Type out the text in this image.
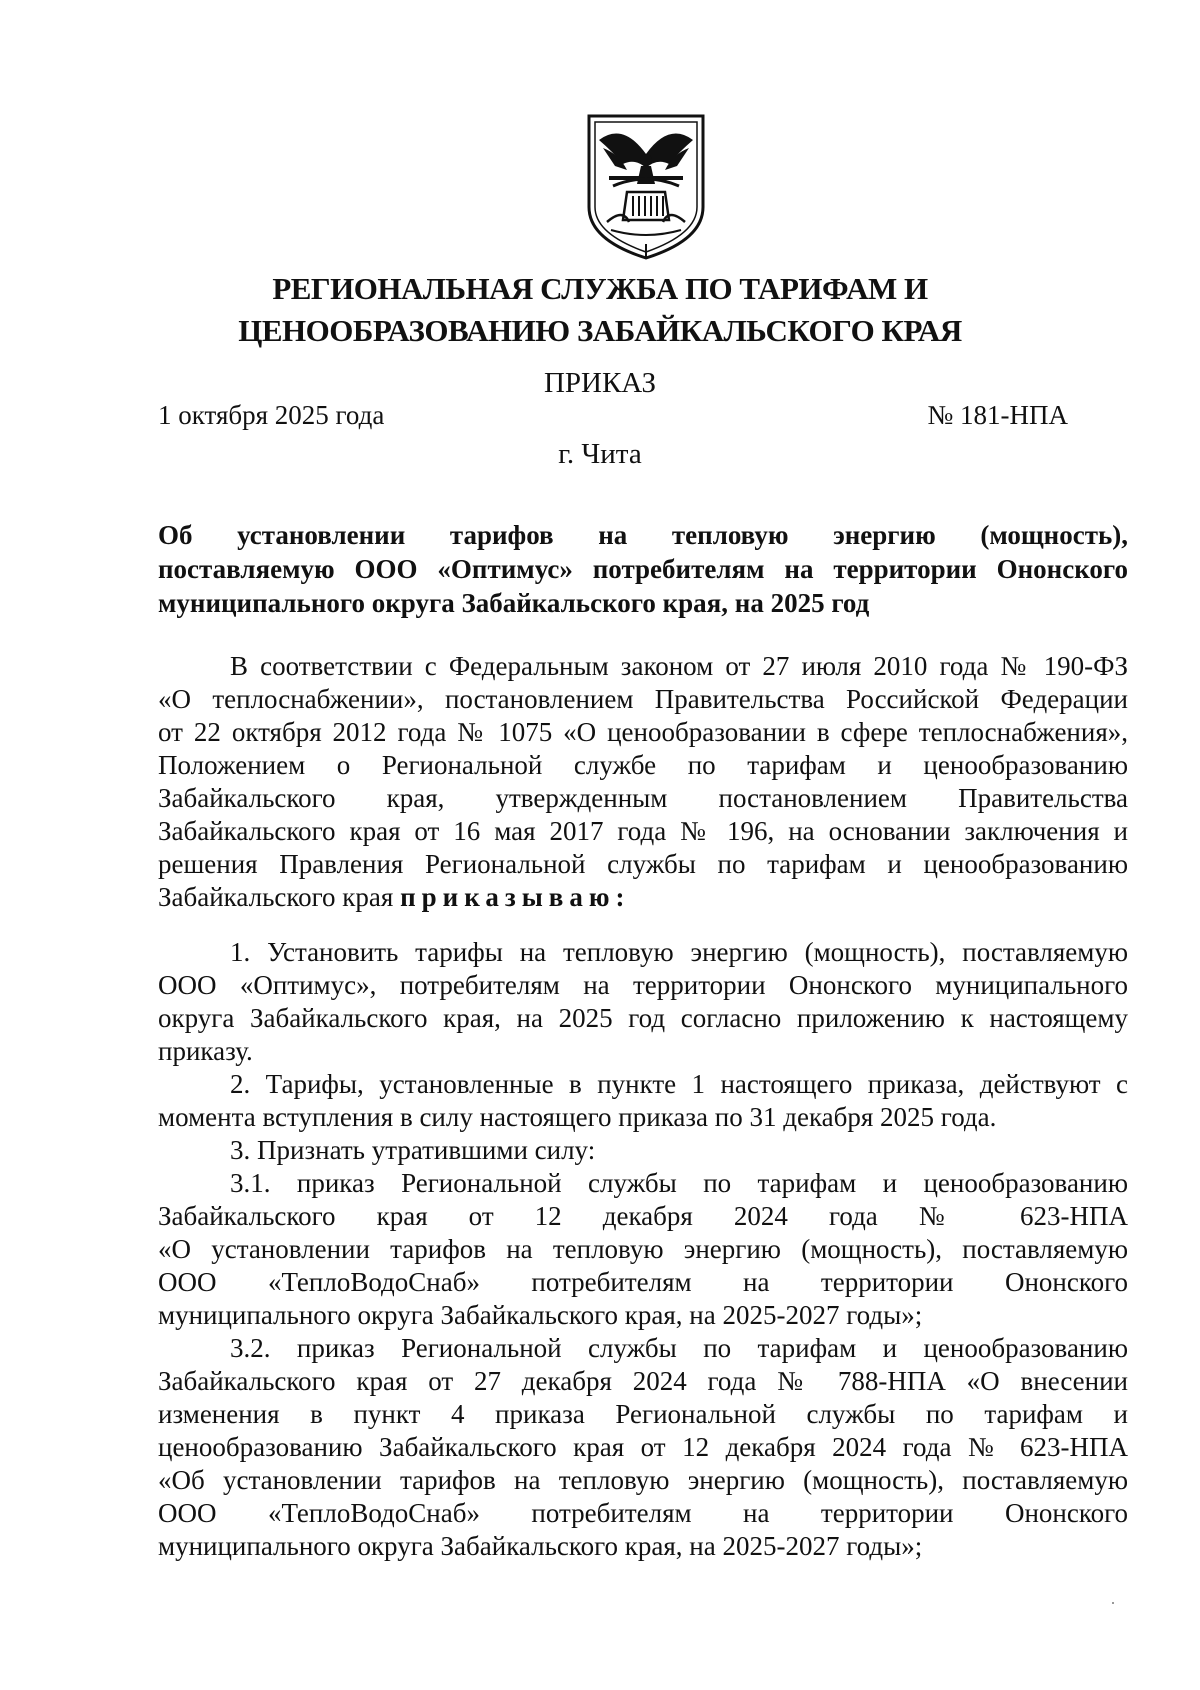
РЕГИОНАЛЬНАЯ СЛУЖБА ПО ТАРИФАМ И
ЦЕНООБРАЗОВАНИЮ ЗАБАЙКАЛЬСКОГО КРАЯ
ПРИКАЗ
1 октября 2025 года	№ 181-НПА
г. Чита
Об установлении тарифов на тепловую энергию (мощность),
поставляемую ООО «Оптимус» потребителям на территории Ононского
муниципального округа Забайкальского края, на 2025 год
В соответствии с Федеральным законом от 27 июля 2010 года № 190-ФЗ
«О теплоснабжении», постановлением Правительства Российской Федерации
от 22 октября 2012 года № 1075 «О ценообразовании в сфере теплоснабжения»,
Положением о Региональной службе по тарифам и ценообразованию
Забайкальского края, утвержденным постановлением Правительства
Забайкальского края от 16 мая 2017 года № 196, на основании заключения и
решения Правления Региональной службы по тарифам и ценообразованию
Забайкальского края приказываю:
1. Установить тарифы на тепловую энергию (мощность), поставляемую
ООО «Оптимус», потребителям на территории Ононского муниципального
округа Забайкальского края, на 2025 год согласно приложению к настоящему
приказу.
2. Тарифы, установленные в пункте 1 настоящего приказа, действуют с
момента вступления в силу настоящего приказа по 31 декабря 2025 года.
3. Признать утратившими силу:
3.1. приказ Региональной службы по тарифам и ценообразованию
Забайкальского края от 12 декабря 2024 года № 623-НПА
«О установлении тарифов на тепловую энергию (мощность), поставляемую
ООО «ТеплоВодоСнаб» потребителям на территории Ононского
муниципального округа Забайкальского края, на 2025-2027 годы»;
3.2. приказ Региональной службы по тарифам и ценообразованию
Забайкальского края от 27 декабря 2024 года № 788-НПА «О внесении
изменения в пункт 4 приказа Региональной службы по тарифам и
ценообразованию Забайкальского края от 12 декабря 2024 года № 623-НПА
«Об установлении тарифов на тепловую энергию (мощность), поставляемую
ООО «ТеплоВодоСнаб» потребителям на территории Ононского
муниципального округа Забайкальского края, на 2025-2027 годы»;
